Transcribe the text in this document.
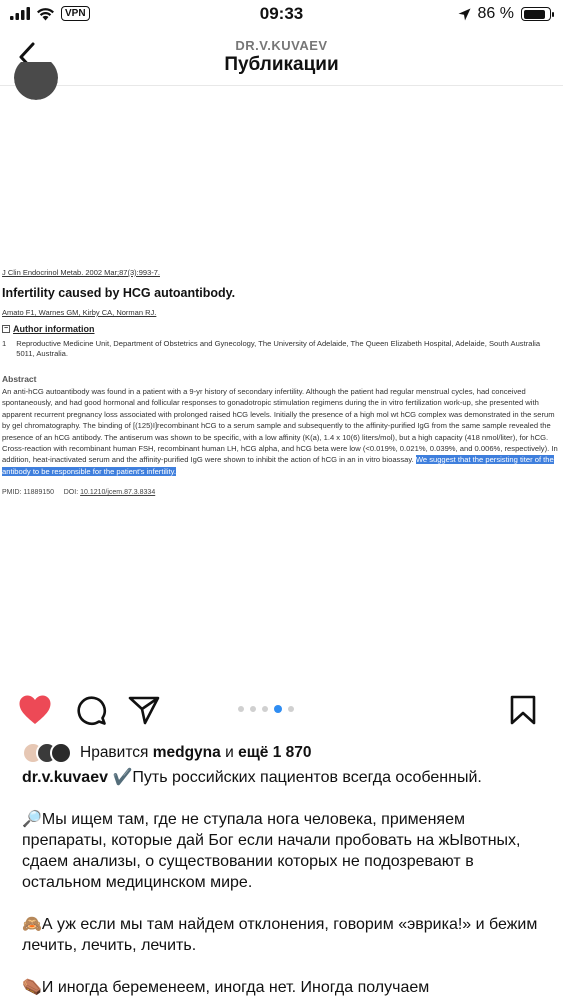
VPN	09:33	86 %
DR.V.KUVAEV
Публикации
J Clin Endocrinol Metab. 2002 Mar;87(3):993-7.
Infertility caused by HCG autoantibody.
Amato F1, Warnes GM, Kirby CA, Norman RJ.
− Author information
1 Reproductive Medicine Unit, Department of Obstetrics and Gynecology, The University of Adelaide, The Queen Elizabeth Hospital, Adelaide, South Australia 5011, Australia.
Abstract
An anti-hCG autoantibody was found in a patient with a 9-yr history of secondary infertility. Although the patient had regular menstrual cycles, had conceived spontaneously, and had good hormonal and follicular responses to gonadotropic stimulation regimens during the in vitro fertilization work-up, she presented with apparent recurrent pregnancy loss associated with prolonged raised hCG levels. Initially the presence of a high mol wt hCG complex was demonstrated in the serum by gel chromatography. The binding of [(125)I]recombinant hCG to a serum sample and subsequently to the affinity-purified IgG from the same sample revealed the presence of an hCG antibody. The antiserum was shown to be specific, with a low affinity (K(a), 1.4 x 10(6) liters/mol), but a high capacity (418 nmol/liter), for hCG. Cross-reaction with recombinant human FSH, recombinant human LH, hCG alpha, and hCG beta were low (<0.019%, 0.021%, 0.039%, and 0.006%, respectively). In addition, heat-inactivated serum and the affinity-purified IgG were shown to inhibit the action of hCG in an in vitro bioassay. We suggest that the persisting titer of the antibody to be responsible for the patient's infertility.
PMID: 11889150 DOI: 10.1210/jcem.87.3.8334
Нравится medgyna и ещё 1 870

dr.v.kuvaev ✔️Путь российских пациентов всегда особенный.

🔎Мы ищем там, где не ступала нога человека, применяем препараты, которые дай Бог если начали пробовать на жЫвотных, сдаем анализы, о существовании которых не подозревают в остальном медицинском мире.

🙈А уж если мы там найдем отклонения, говорим «эврика!» и бежим лечить, лечить, лечить.

⚰️И иногда беременеем, иногда нет. Иногда получаем
